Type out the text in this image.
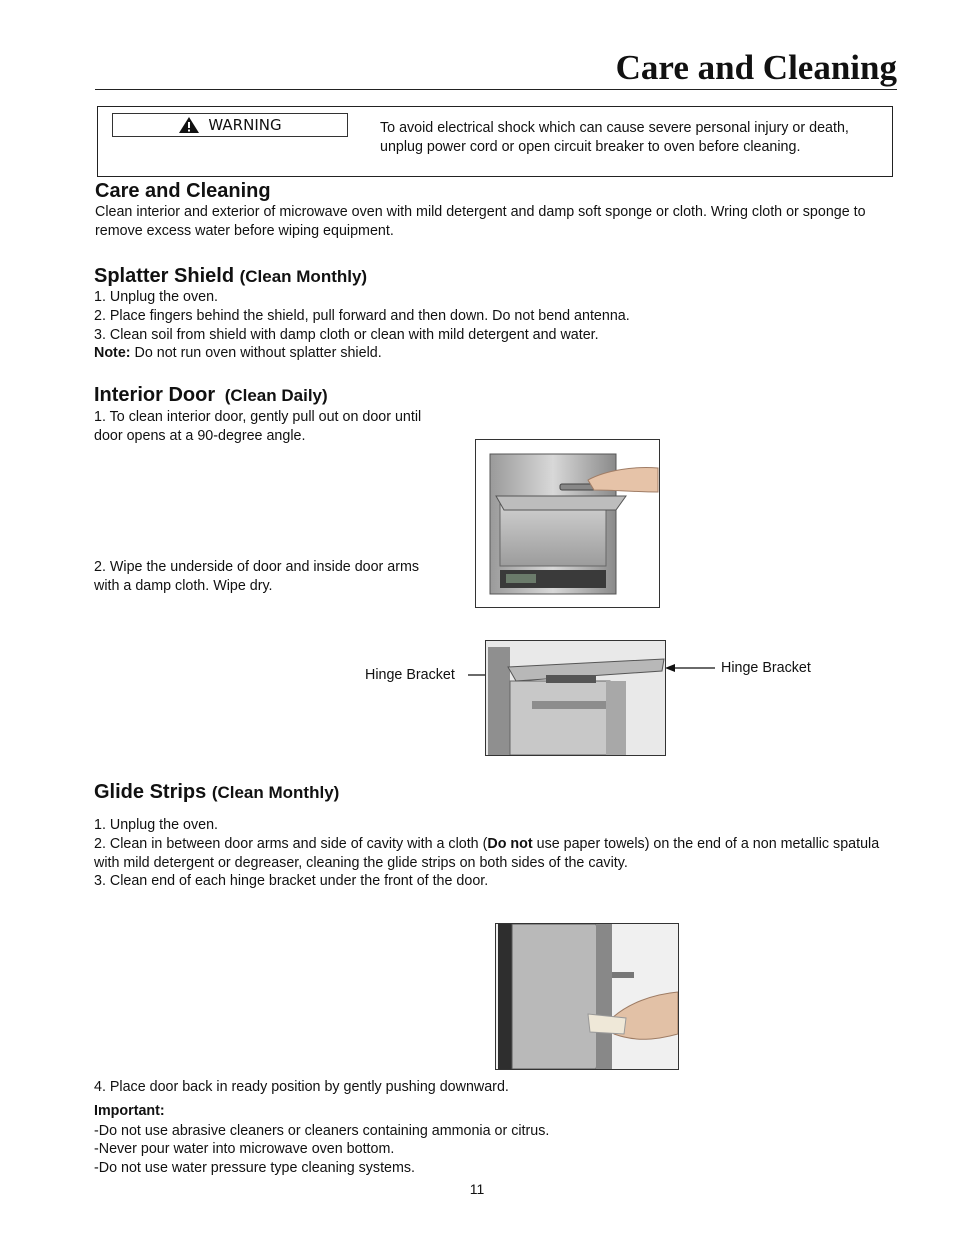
Care and Cleaning
WARNING	To avoid electrical shock which can cause severe personal injury or death, unplug power cord or open circuit breaker to oven before cleaning.
Care and Cleaning
Clean interior and exterior of microwave oven with mild detergent and damp soft sponge or cloth. Wring cloth or sponge to remove excess water before wiping equipment.
Splatter Shield (Clean Monthly)
1. Unplug the oven.
2. Place fingers behind the shield, pull forward and then down. Do not bend antenna.
3. Clean soil from shield with damp cloth or clean with mild detergent and water.
Note: Do not run oven without splatter shield.
Interior Door (Clean Daily)
1. To clean interior door, gently pull out on door until door opens at a 90-degree angle.
2. Wipe the underside of door and inside door arms with a damp cloth. Wipe dry.
Hinge Bracket	Hinge Bracket
Glide Strips (Clean Monthly)
1. Unplug the oven.
2. Clean in between door arms and side of cavity with a cloth (Do not use paper towels) on the end of a non metallic spatula with mild detergent or degreaser, cleaning the glide strips on both sides of the cavity.
3. Clean end of each hinge bracket under the front of the door.
4. Place door back in ready position by gently pushing downward.
Important:
-Do not use abrasive cleaners or cleaners containing ammonia or citrus.
-Never pour water into microwave oven bottom.
-Do not use water pressure type cleaning systems.
11
